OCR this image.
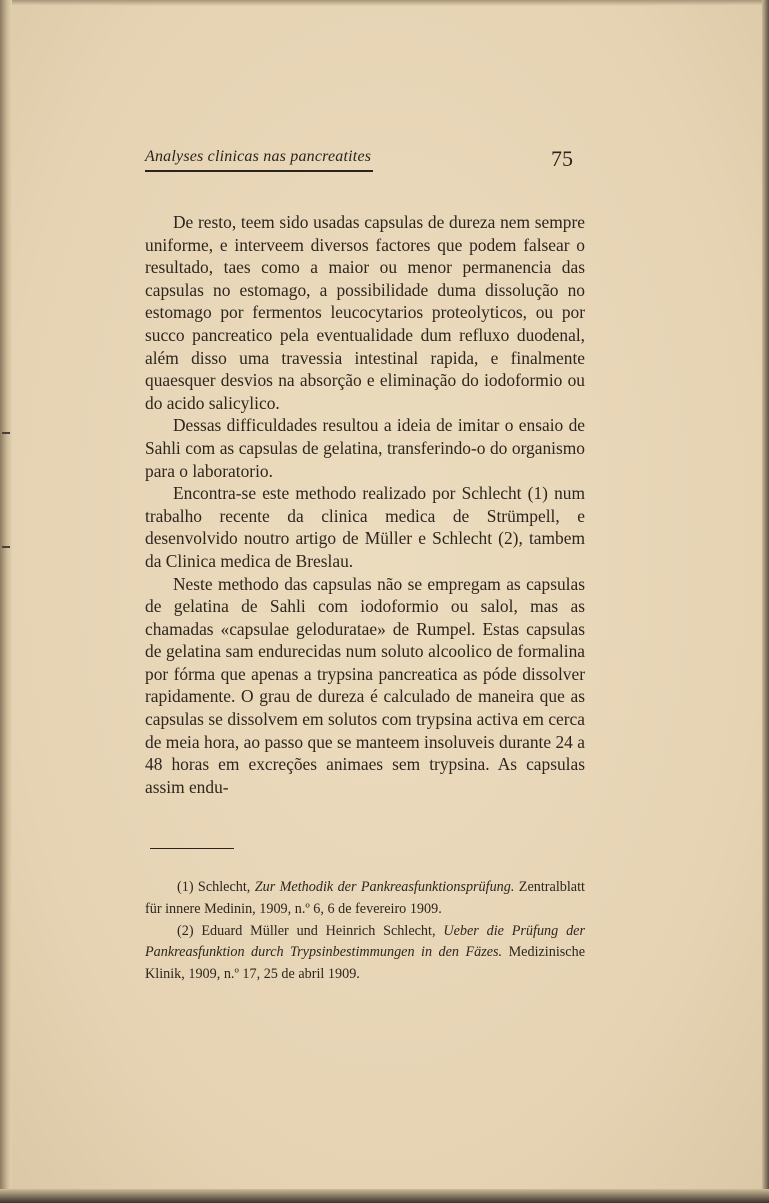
Analyses clinicas nas pancreatites	75

De resto, teem sido usadas capsulas de dureza nem sempre uniforme, e interveem diversos factores que podem falsear o resultado, taes como a maior ou menor permanencia das capsulas no estomago, a possibilidade duma dissolução no estomago por fermentos leucocytarios proteolyticos, ou por succo pancreatico pela eventualidade dum refluxo duodenal, além disso uma travessia intestinal rapida, e finalmente quaesquer desvios na absorção e eliminação do iodoformio ou do acido salicylico.

Dessas difficuldades resultou a ideia de imitar o ensaio de Sahli com as capsulas de gelatina, transferindo-o do organismo para o laboratorio.

Encontra-se este methodo realizado por Schlecht (1) num trabalho recente da clinica medica de Strümpell, e desenvolvido noutro artigo de Müller e Schlecht (2), tambem da Clinica medica de Breslau.

Neste methodo das capsulas não se empregam as capsulas de gelatina de Sahli com iodoformio ou salol, mas as chamadas «capsulae geloduratae» de Rumpel. Estas capsulas de gelatina sam endurecidas num soluto alcoolico de formalina por fórma que apenas a trypsina pancreatica as póde dissolver rapidamente. O grau de dureza é calculado de maneira que as capsulas se dissolvem em solutos com trypsina activa em cerca de meia hora, ao passo que se manteem insoluveis durante 24 a 48 horas em excreções animaes sem trypsina. As capsulas assim endu-

(1) Schlecht, Zur Methodik der Pankreasfunktionsprüfung. Zentralblatt für innere Medinin, 1909, n.º 6, 6 de fevereiro 1909.

(2) Eduard Müller und Heinrich Schlecht, Ueber die Prüfung der Pankreasfunktion durch Trypsinbestimmungen in den Fäzes. Medizinische Klinik, 1909, n.º 17, 25 de abril 1909.
